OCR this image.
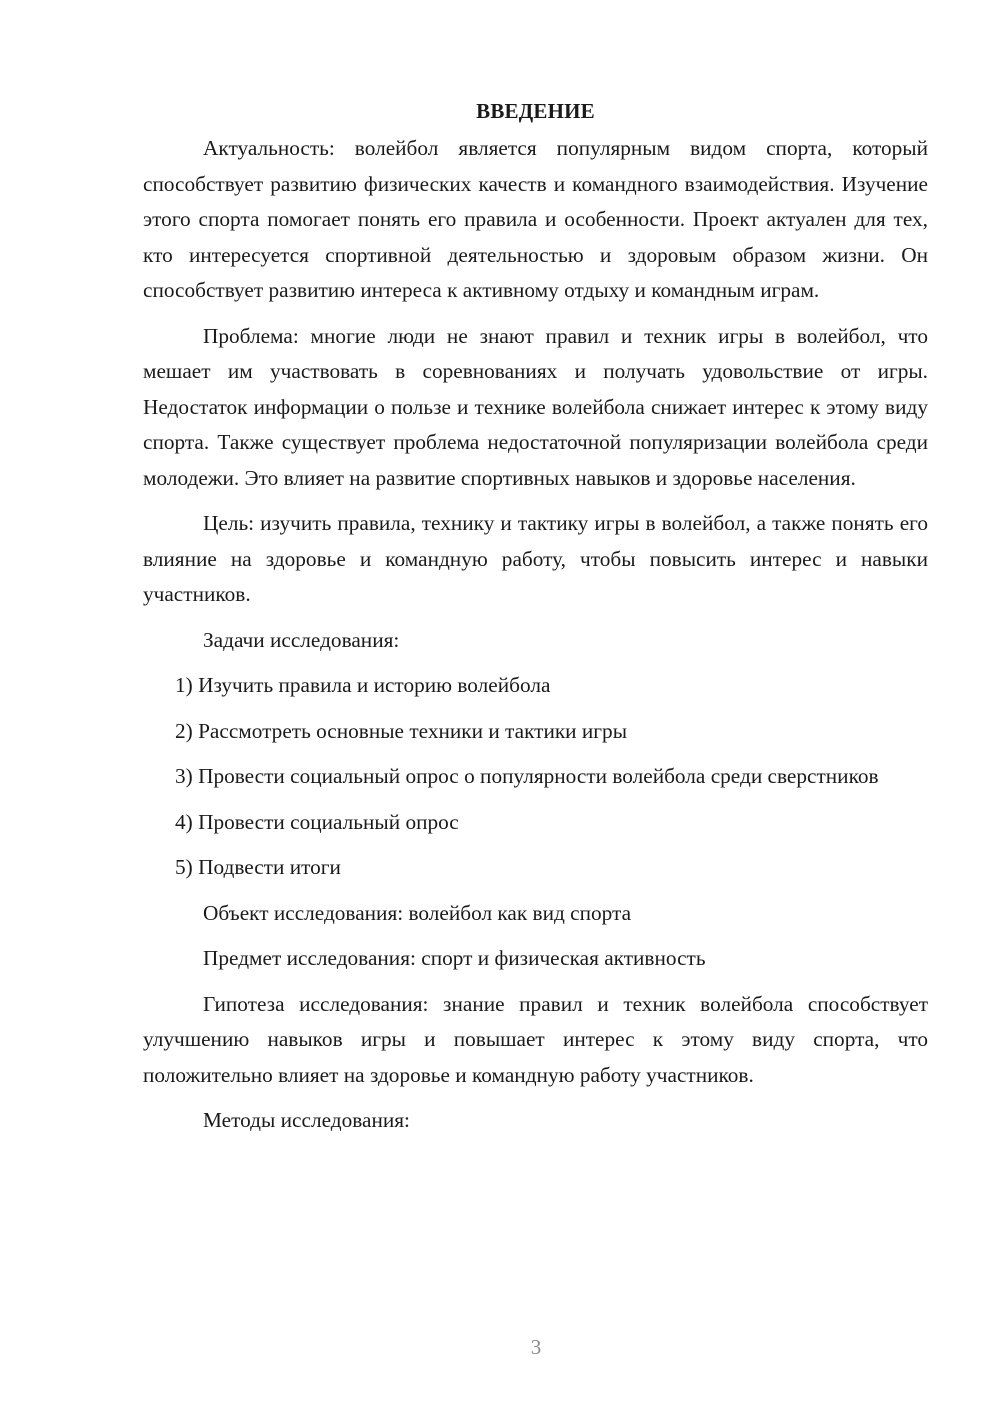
ВВЕДЕНИЕ

Актуальность: волейбол является популярным видом спорта, который способствует развитию физических качеств и командного взаимодействия. Изучение этого спорта помогает понять его правила и особенности. Проект актуален для тех, кто интересуется спортивной деятельностью и здоровым образом жизни. Он способствует развитию интереса к активному отдыху и командным играм.

Проблема: многие люди не знают правил и техник игры в волейбол, что мешает им участвовать в соревнованиях и получать удовольствие от игры. Недостаток информации о пользе и технике волейбола снижает интерес к этому виду спорта. Также существует проблема недостаточной популяризации волейбола среди молодежи. Это влияет на развитие спортивных навыков и здоровье населения.

Цель: изучить правила, технику и тактику игры в волейбол, а также понять его влияние на здоровье и командную работу, чтобы повысить интерес и навыки участников.

Задачи исследования:

1) Изучить правила и историю волейбола

2) Рассмотреть основные техники и тактики игры

3) Провести социальный опрос о популярности волейбола среди сверстников

4) Провести социальный опрос

5) Подвести итоги

Объект исследования: волейбол как вид спорта

Предмет исследования: спорт и физическая активность

Гипотеза исследования: знание правил и техник волейбола способствует улучшению навыков игры и повышает интерес к этому виду спорта, что положительно влияет на здоровье и командную работу участников.

Методы исследования:

3
